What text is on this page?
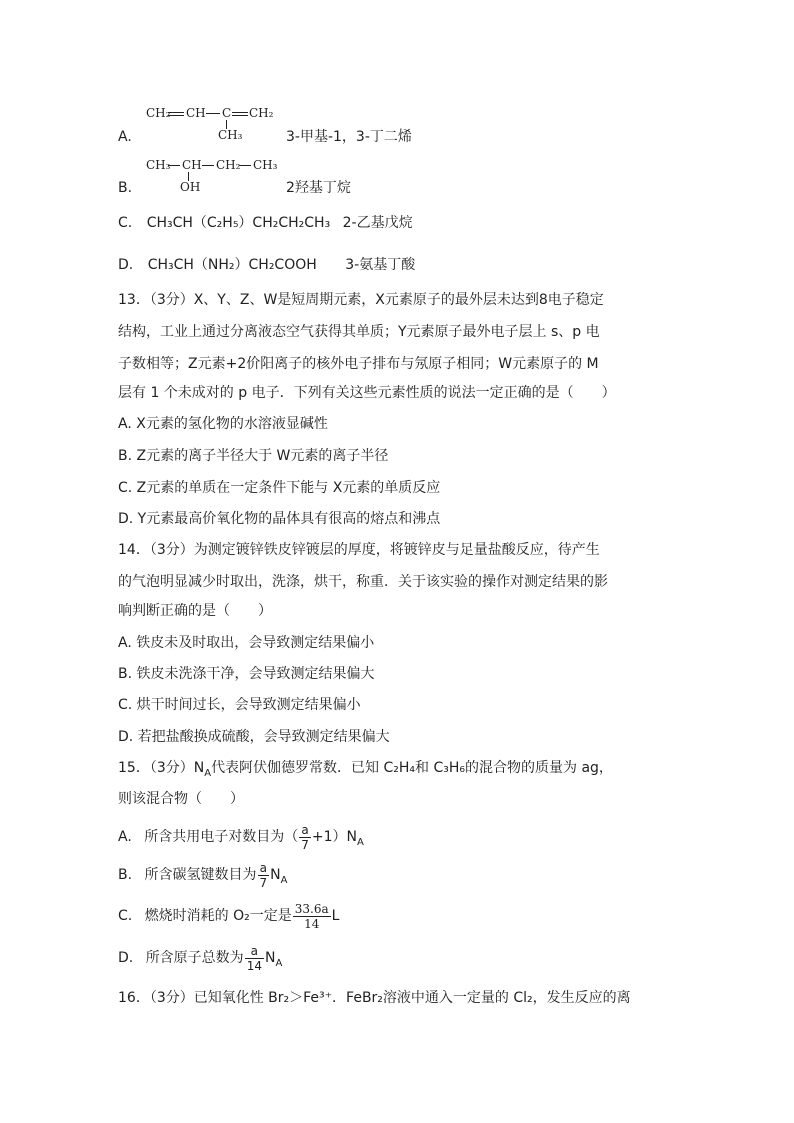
CH₂ CH C CH₂
CH₃
A.	3-甲基-1，3-丁二烯
CH₃ CH CH₂ CH₃
OH
B.	2羟基丁烷
C. CH₃CH（C₂H₅）CH₂CH₂CH₃ 2-乙基戊烷
D. CH₃CH（NH₂）CH₂COOH 3-氨基丁酸
13．（3分）X、Y、Z、W是短周期元素，X元素原子的最外层未达到8电子稳定
结构，工业上通过分离液态空气获得其单质；Y元素原子最外电子层上 s、p 电
子数相等；Z元素+2价阳离子的核外电子排布与氖原子相同；W元素原子的 M
层有 1 个未成对的 p 电子．下列有关这些元素性质的说法一定正确的是（　　）
A. X元素的氢化物的水溶液显碱性
B. Z元素的离子半径大于 W元素的离子半径
C. Z元素的单质在一定条件下能与 X元素的单质反应
D. Y元素最高价氧化物的晶体具有很高的熔点和沸点
14．（3分）为测定镀锌铁皮锌镀层的厚度，将镀锌皮与足量盐酸反应，待产生
的气泡明显减少时取出，洗涤，烘干，称重．关于该实验的操作对测定结果的影
响判断正确的是（　　）
A. 铁皮未及时取出，会导致测定结果偏小
B. 铁皮未洗涤干净，会导致测定结果偏大
C. 烘干时间过长，会导致测定结果偏小
D. 若把盐酸换成硫酸，会导致测定结果偏大
15．（3分）$N_A$代表阿伏伽德罗常数．已知 C₂H₄和 C₃H₆的混合物的质量为 ag，
则该混合物（　　）
A. 所含共用电子对数目为（ $\frac{a}{7} +1)N_A$
B. 所含碳氢键数目为 $\frac{a}{7} N_A$
C. 燃烧时消耗的 O₂一定是 $\frac{33.6a}{14}$ L
D. 所含原子总数为 $\frac{a}{14} N_A$
16．（3分）已知氧化性 Br₂＞Fe³⁺．FeBr₂溶液中通入一定量的 Cl₂，发生反应的离
